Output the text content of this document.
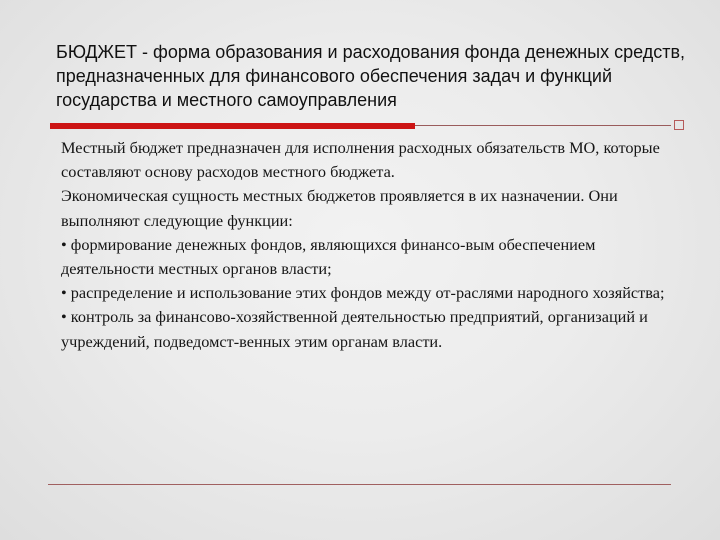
БЮДЖЕТ - форма образования и расходования фонда денежных средств, предназначенных для финансового обеспечения задач и функций государства и местного самоуправления

Местный бюджет предназначен для исполнения расходных обязательств МО, которые составляют основу расходов местного бюджета.

Экономическая сущность местных бюджетов проявляется в их назначении. Они выполняют следующие функции:

• формирование денежных фондов, являющихся финансо-вым обеспечением деятельности местных органов власти;

• распределение и использование этих фондов между от-раслями народного хозяйства;

• контроль за финансово-хозяйственной деятельностью предприятий, организаций и учреждений, подведомст-венных этим органам власти.
